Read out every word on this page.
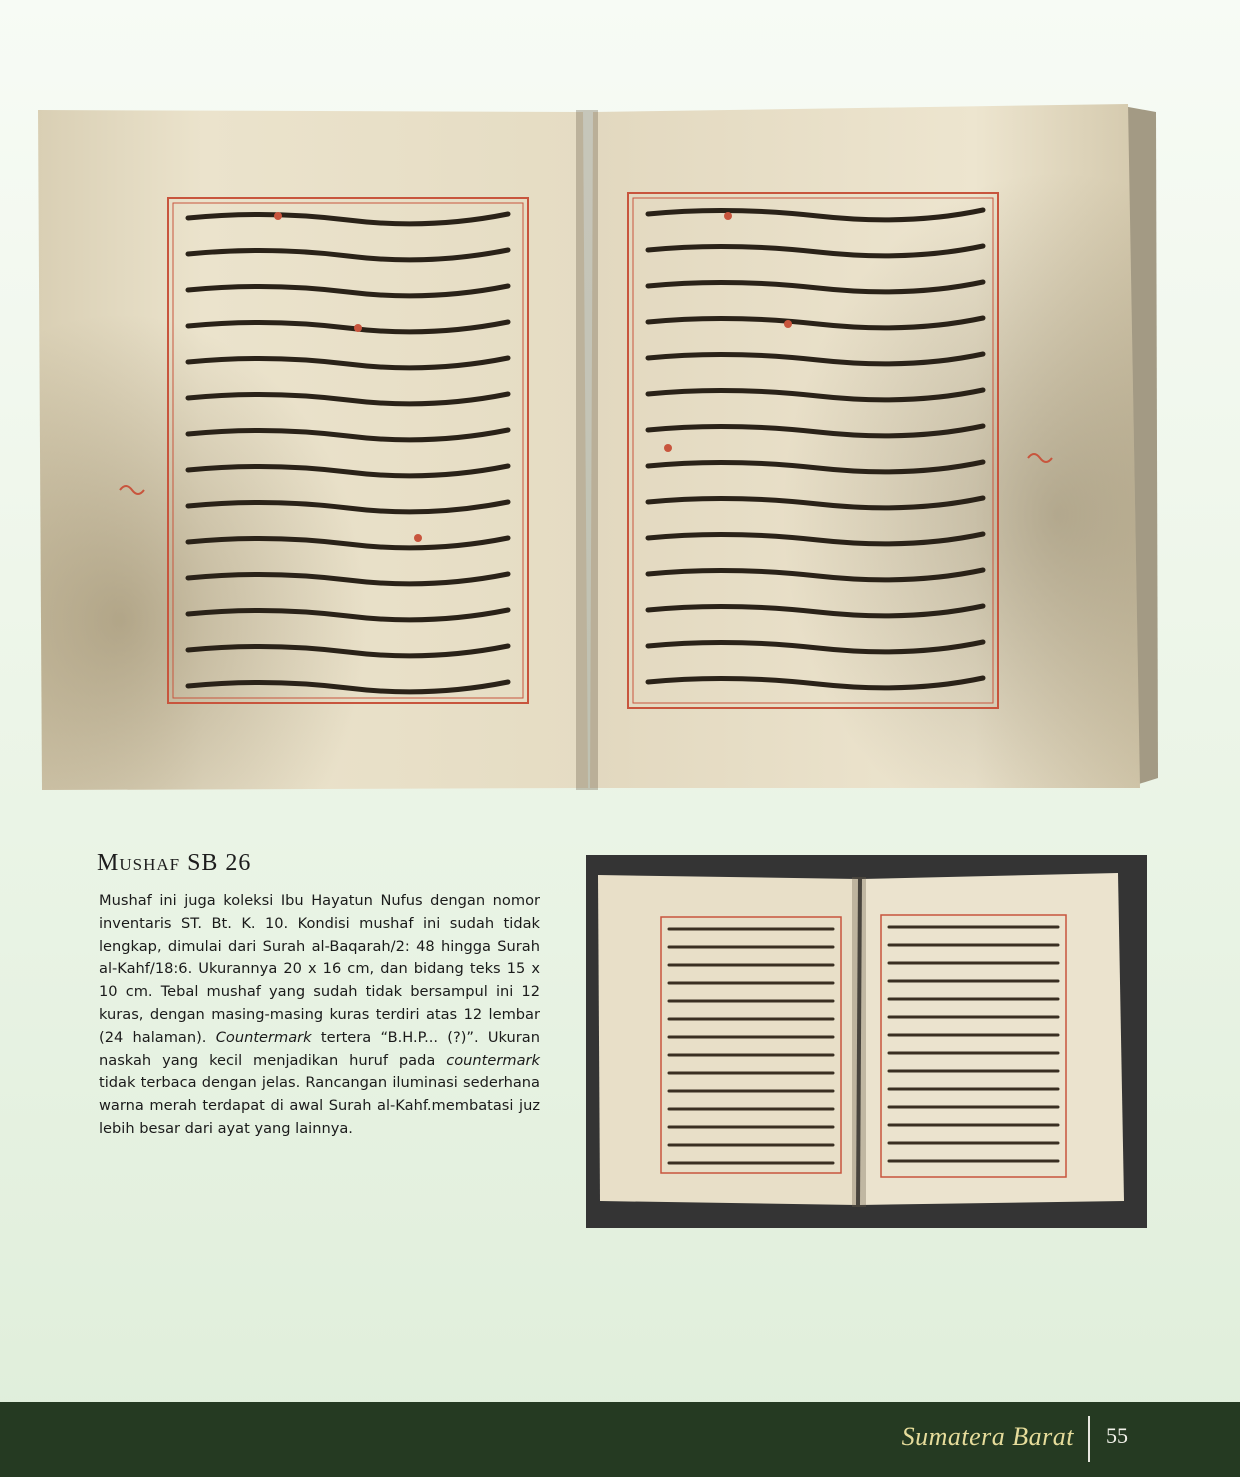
Mushaf SB 26

Mushaf ini juga koleksi Ibu Hayatun Nufus dengan nomor inventaris ST. Bt. K. 10. Kondisi mushaf ini sudah tidak lengkap, dimulai dari Surah al-Baqarah/2: 48 hingga Surah al-Kahf/18:6. Ukurannya 20 x 16 cm, dan bidang teks 15 x 10 cm. Tebal mushaf yang sudah tidak bersampul ini 12 kuras, dengan masing-masing kuras terdiri atas 12 lembar (24 halaman). Countermark tertera “B.H.P... (?)”. Ukuran naskah yang kecil menjadikan huruf pada countermark tidak terbaca dengan jelas. Rancangan iluminasi sederhana warna merah terdapat di awal Surah al-Kahf.membatasi juz lebih besar dari ayat yang lainnya.

Sumatera Barat 55
